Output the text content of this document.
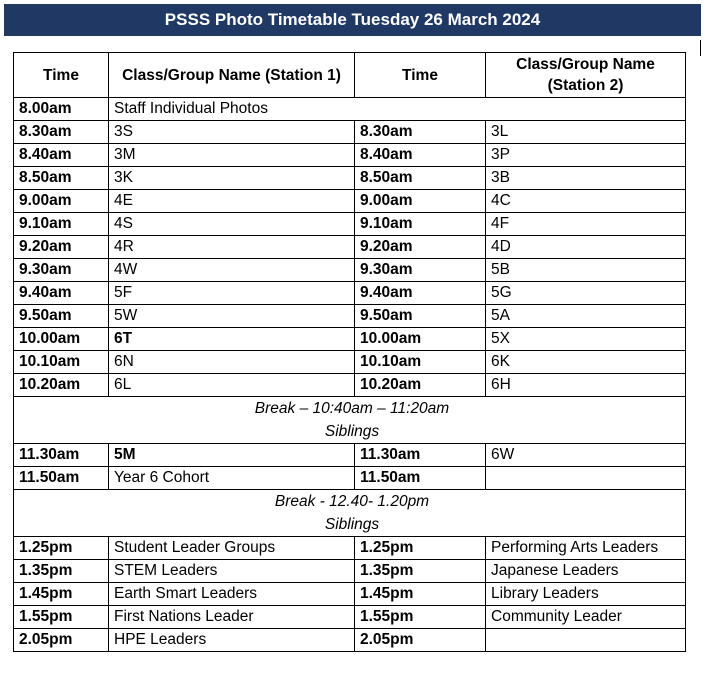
PSSS Photo Timetable Tuesday 26 March 2024
Time	Class/Group Name (Station 1)	Time	Class/Group Name (Station 2)
8.00am	Staff Individual Photos		
8.30am	3S	8.30am	3L
8.40am	3M	8.40am	3P
8.50am	3K	8.50am	3B
9.00am	4E	9.00am	4C
9.10am	4S	9.10am	4F
9.20am	4R	9.20am	4D
9.30am	4W	9.30am	5B
9.40am	5F	9.40am	5G
9.50am	5W	9.50am	5A
10.00am	6T	10.00am	5X
10.10am	6N	10.10am	6K
10.20am	6L	10.20am	6H

Break – 10:40am – 11:20am
Siblings			

11.30am	5M	11.30am	6W
11.50am	Year 6 Cohort	11.50am	

Break - 12.40- 1.20pm
Siblings			

1.25pm	Student Leader Groups	1.25pm	Performing Arts Leaders
1.35pm	STEM Leaders	1.35pm	Japanese Leaders
1.45pm	Earth Smart Leaders	1.45pm	Library Leaders
1.55pm	First Nations Leader	1.55pm	Community Leader
2.05pm	HPE Leaders	2.05pm	
